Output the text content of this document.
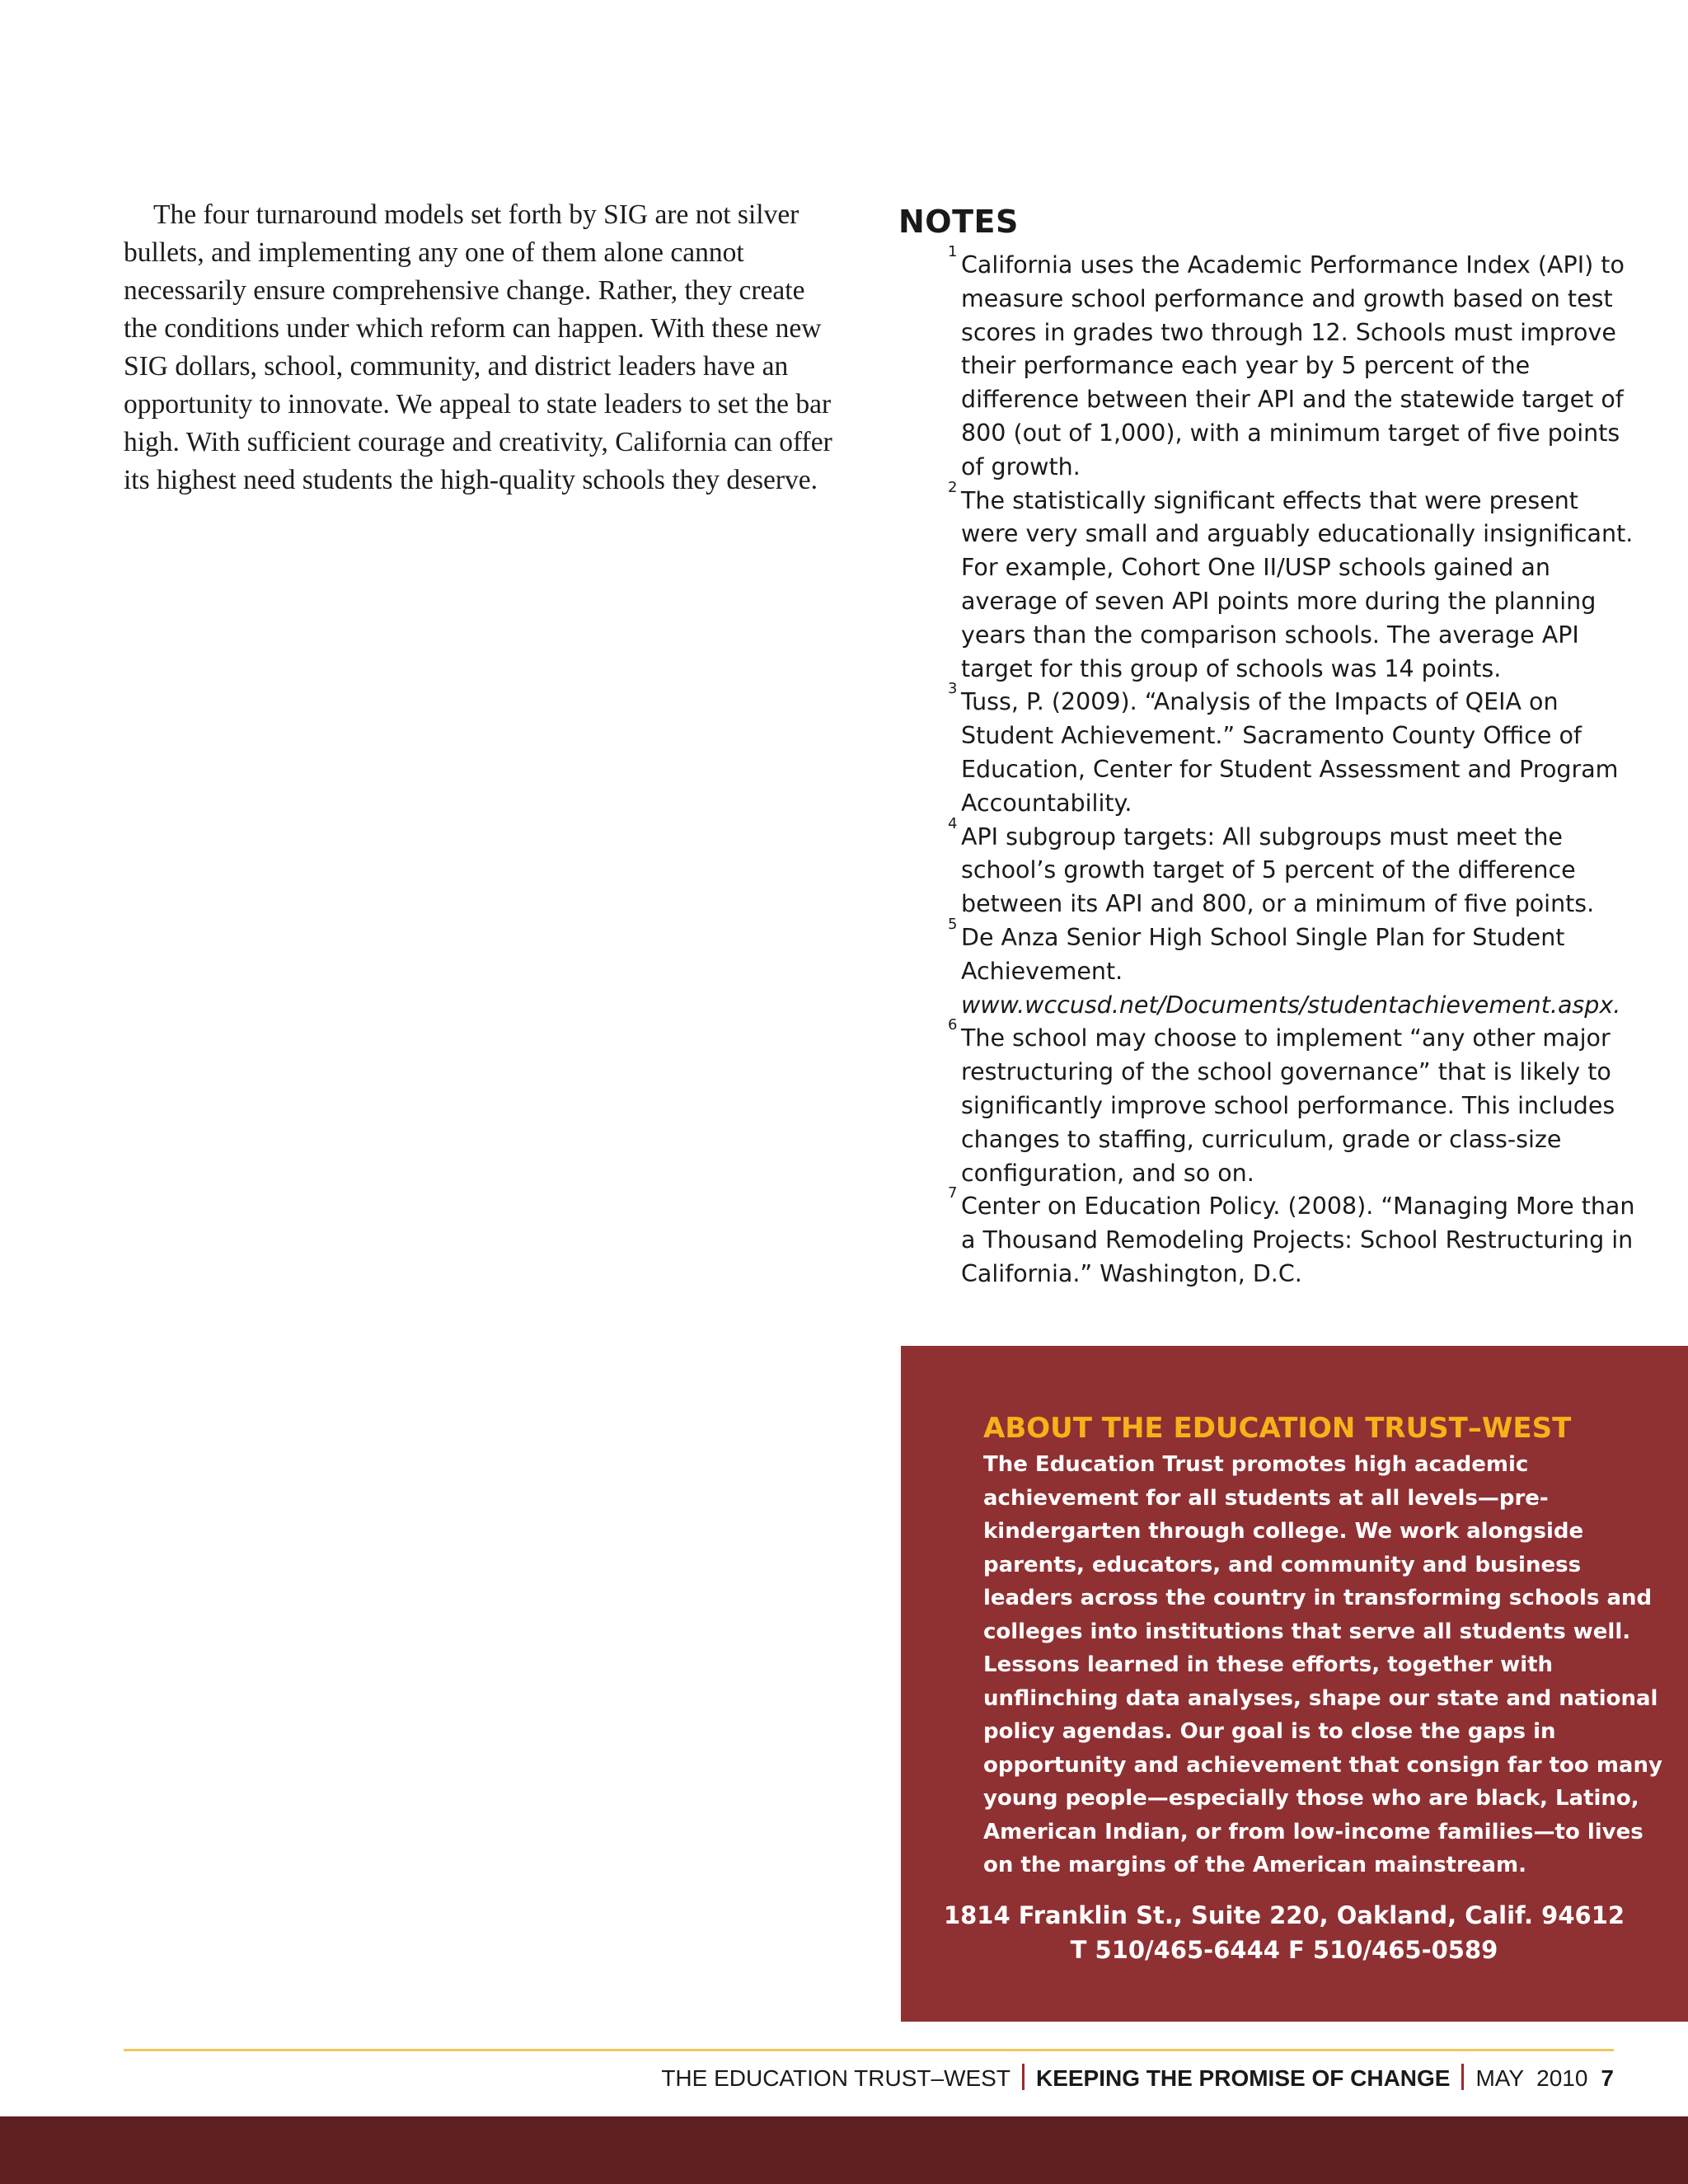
The four turnaround models set forth by SIG are not silver bullets, and implementing any one of them alone cannot necessarily ensure comprehensive change. Rather, they create the conditions under which reform can happen. With these new SIG dollars, school, community, and district leaders have an opportunity to innovate. We appeal to state leaders to set the bar high. With sufficient courage and creativity, California can offer its highest need students the high-quality schools they deserve.

NOTES
1 California uses the Academic Performance Index (API) to measure school performance and growth based on test scores in grades two through 12. Schools must improve their performance each year by 5 percent of the difference between their API and the statewide target of 800 (out of 1,000), with a minimum target of five points of growth.
2 The statistically significant effects that were present were very small and arguably educationally insignificant. For example, Cohort One II/USP schools gained an average of seven API points more during the planning years than the comparison schools. The average API target for this group of schools was 14 points.
3 Tuss, P. (2009). “Analysis of the Impacts of QEIA on Student Achievement.” Sacramento County Office of Education, Center for Student Assessment and Program Accountability.
4 API subgroup targets: All subgroups must meet the school’s growth target of 5 percent of the difference between its API and 800, or a minimum of five points.
5 De Anza Senior High School Single Plan for Student Achievement.
www.wccusd.net/Documents/studentachievement.aspx.
6 The school may choose to implement “any other major restructuring of the school governance” that is likely to significantly improve school performance. This includes changes to staffing, curriculum, grade or class-size configuration, and so on.
7 Center on Education Policy. (2008). “Managing More than a Thousand Remodeling Projects: School Restructuring in California.” Washington, D.C.
ABOUT THE EDUCATION TRUST–WEST

The Education Trust promotes high academic achievement for all students at all levels—pre-kindergarten through college. We work alongside parents, educators, and community and business leaders across the country in transforming schools and colleges into institutions that serve all students well. Lessons learned in these efforts, together with unflinching data analyses, shape our state and national policy agendas. Our goal is to close the gaps in opportunity and achievement that consign far too many young people—especially those who are black, Latino, American Indian, or from low-income families—to lives on the margins of the American mainstream.

1814 Franklin St., Suite 220, Oakland, Calif. 94612
T 510/465-6444 F 510/465-0589
THE EDUCATION TRUST–WEST KEEPING THE PROMISE OF CHANGE MAY  2010 7
